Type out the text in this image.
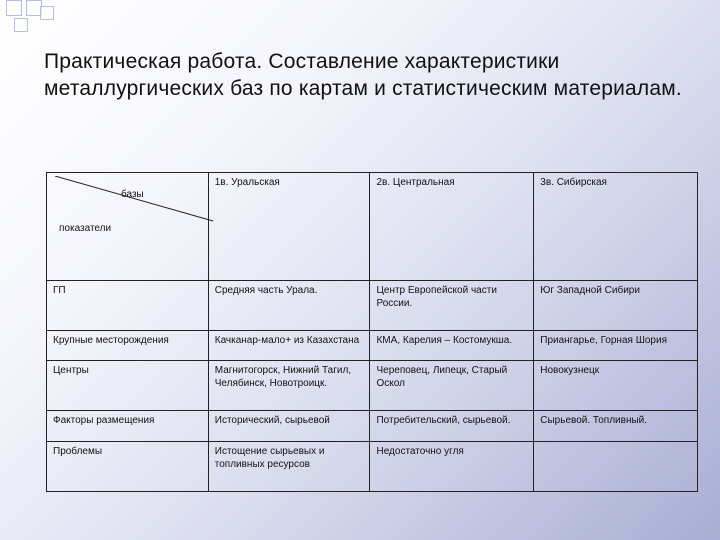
Практическая работа. Составление характеристики металлургических баз по картам и статистическим материалам.
базы
показатели	1в. Уральская	2в. Центральная	3в. Сибирская
ГП	Средняя часть Урала.	Центр Европейской части России.	Юг Западной Сибири
Крупные месторождения	Качканар-мало+ из Казахстана	КМА, Карелия – Костомукша.	Приангарье, Горная Шория
Центры	Магнитогорск, Нижний Тагил, Челябинск, Новотроицк.	Череповец, Липецк, Старый Оскол	Новокузнецк
Факторы размещения	Исторический, сырьевой	Потребительский, сырьевой.	Сырьевой. Топливный.
Проблемы	Истощение сырьевых и топливных ресурсов	Недостаточно угля	
